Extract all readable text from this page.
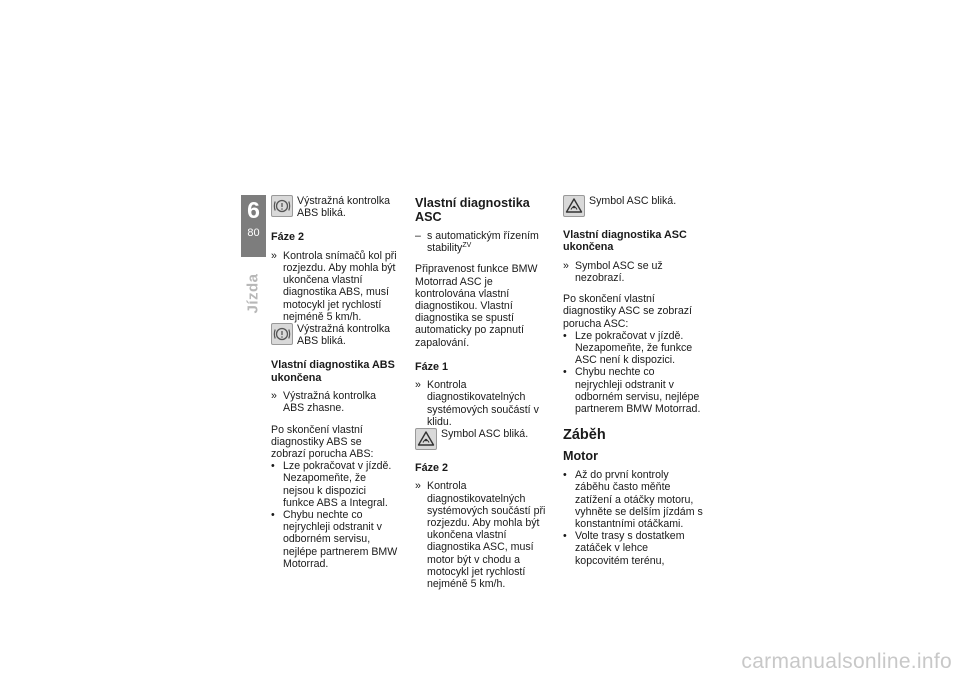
6
80
Jízda

Výstražná kontrolka ABS bliká.

Fáze 2
» Kontrola snímačů kol při rozjezdu. Aby mohla být ukončena vlastní diagnostika ABS, musí motocykl jet rychlostí nejméně 5 km/h.

Výstražná kontrolka ABS bliká.

Vlastní diagnostika ABS ukončena
» Výstražná kontrolka ABS zhasne.

Po skončení vlastní diagnostiky ABS se zobrazí porucha ABS:

• Lze pokračovat v jízdě. Nezapomeňte, že nejsou k dispozici funkce ABS a Integral.

• Chybu nechte co nejrychleji odstranit v odborném servisu, nejlépe partnerem BMW Motorrad.

Vlastní diagnostika ASC
– s automatickým řízením stability$^{ZV}$

Připravenost funkce BMW Motorrad ASC je kontrolována vlastní diagnostikou. Vlastní diagnostika se spustí automaticky po zapnutí zapalování.

Fáze 1
» Kontrola diagnostikovatelných systémových součástí v klidu.

Symbol ASC bliká.

Fáze 2
» Kontrola diagnostikovatelných systémových součástí při rozjezdu. Aby mohla být ukončena vlastní diagnostika ASC, musí motor být v chodu a motocykl jet rychlostí nejméně 5 km/h.

Symbol ASC bliká.

Vlastní diagnostika ASC ukončena
» Symbol ASC se už nezobrazí.

Po skončení vlastní diagnostiky ASC se zobrazí porucha ASC:

• Lze pokračovat v jízdě. Nezapomeňte, že funkce ASC není k dispozici.

• Chybu nechte co nejrychleji odstranit v odborném servisu, nejlépe partnerem BMW Motorrad.

Záběh
Motor
• Až do první kontroly záběhu často měňte zatížení a otáčky motoru, vyhněte se delším jízdám s konstantními otáčkami.

• Volte trasy s dostatkem zatáček v lehce kopcovitém terénu,

carmanualsonline.info
